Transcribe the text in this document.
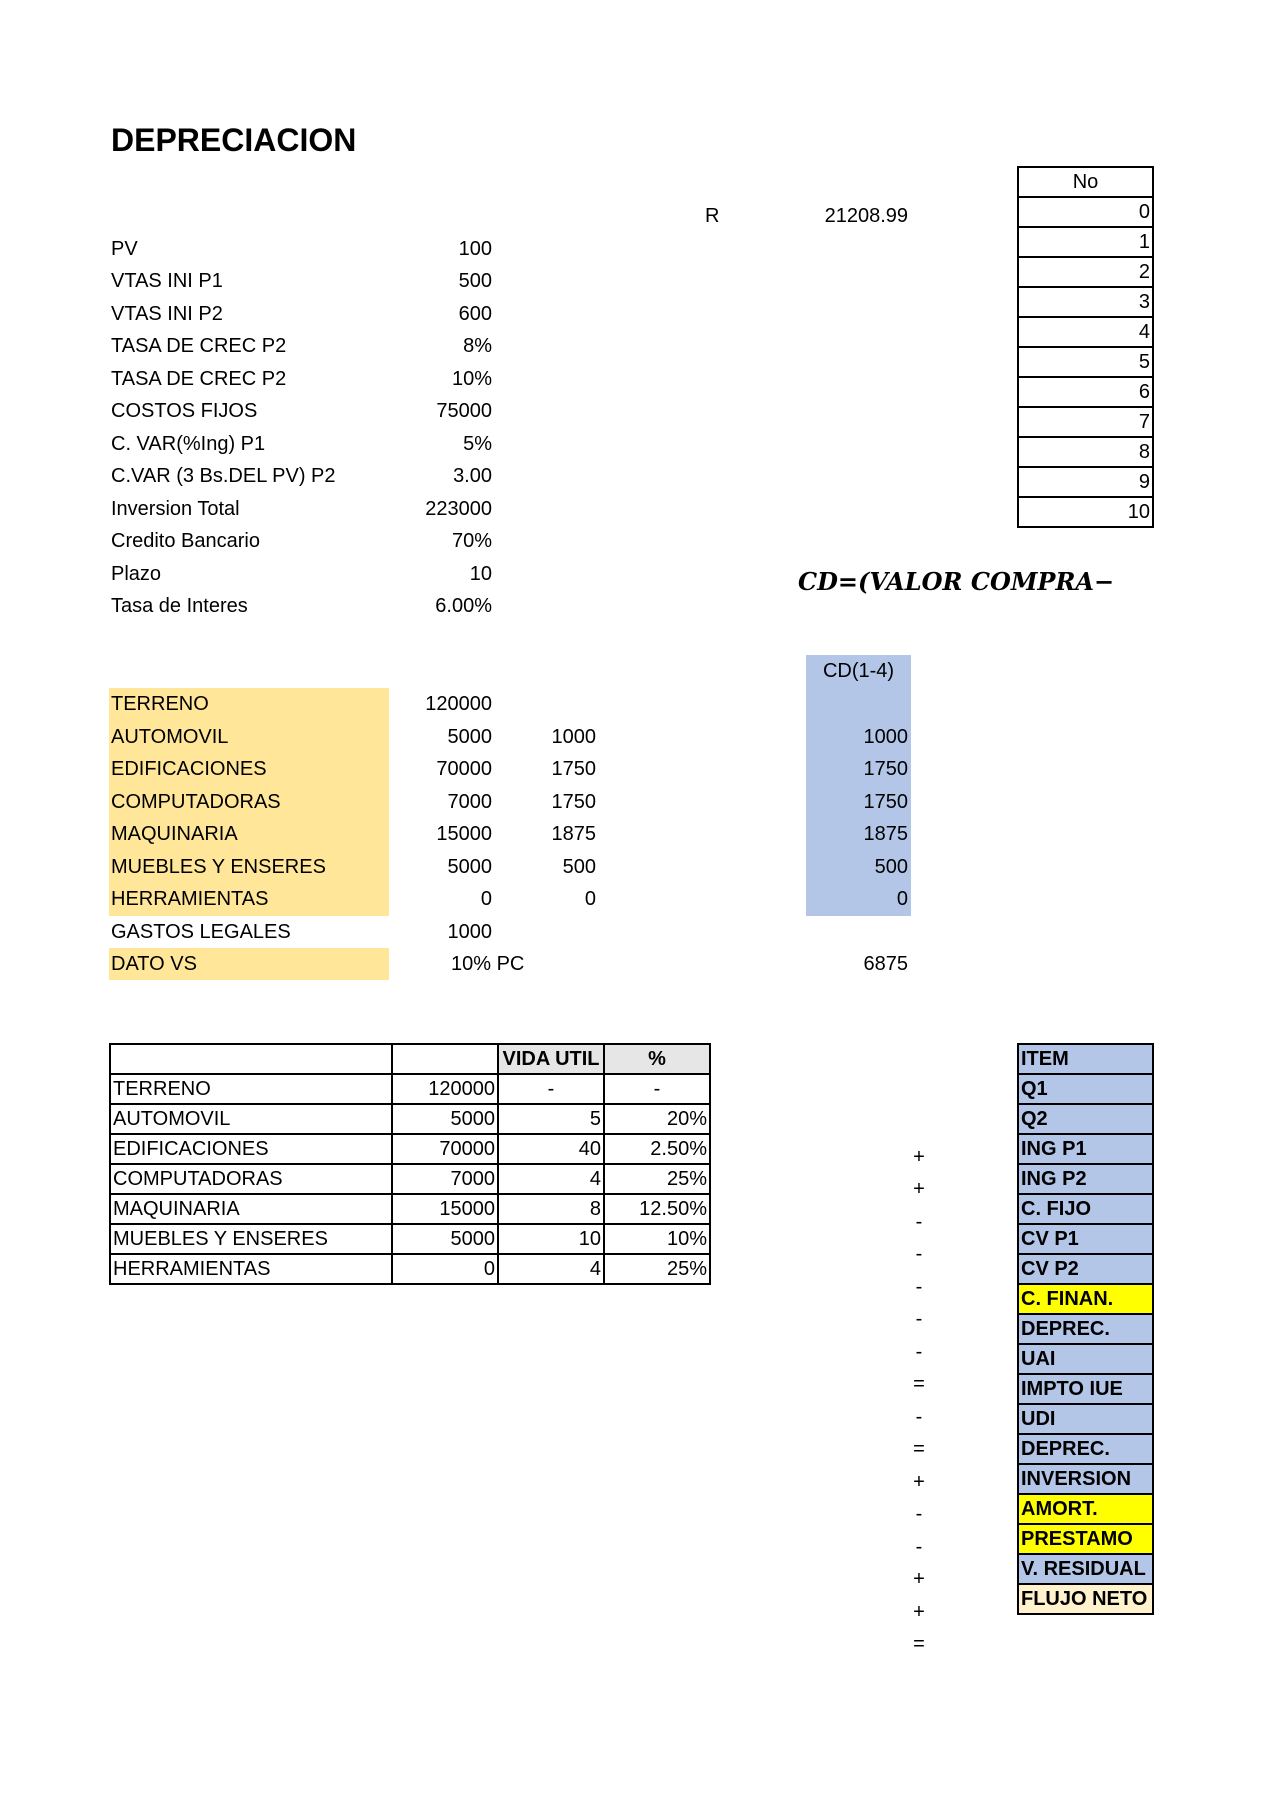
DEPRECIACION
R	21208.99
No
0
1
2
3
4
5
6
7
8
9
10
PV	100
VTAS INI P1	500
VTAS INI P2	600
TASA DE CREC P2	8%
TASA DE CREC P2	10%
COSTOS FIJOS	75000
C. VAR(%Ing) P1	5%
C.VAR (3 Bs.DEL PV) P2	3.00
Inversion Total	223000
Credito Bancario	70%
Plazo	10
Tasa de Interes	6.00%
CD=(VALOR COMPRA−
CD(1-4)
TERRENO	120000
AUTOMOVIL	5000	1000	1000
EDIFICACIONES	70000	1750	1750
COMPUTADORAS	7000	1750	1750
MAQUINARIA	15000	1875	1875
MUEBLES Y ENSERES	5000	500	500
HERRAMIENTAS	0	0	0
GASTOS LEGALES	1000
DATO VS	10% PC	6875
		VIDA UTIL	%
TERRENO	120000	-	-
AUTOMOVIL	5000	5	20%
EDIFICACIONES	70000	40	2.50%
COMPUTADORAS	7000	4	25%
MAQUINARIA	15000	8	12.50%
MUEBLES Y ENSERES	5000	10	10%
HERRAMIENTAS	0	4	25%
+
+
-
-
-
-
-
=
-
=
+
-
-
+
+
=
ITEM
Q1
Q2
ING P1
ING P2
C. FIJO
CV P1
CV P2
C. FINAN.
DEPREC.
UAI
IMPTO IUE
UDI
DEPREC.
INVERSION
AMORT.
PRESTAMO
V. RESIDUAL
FLUJO NETO
